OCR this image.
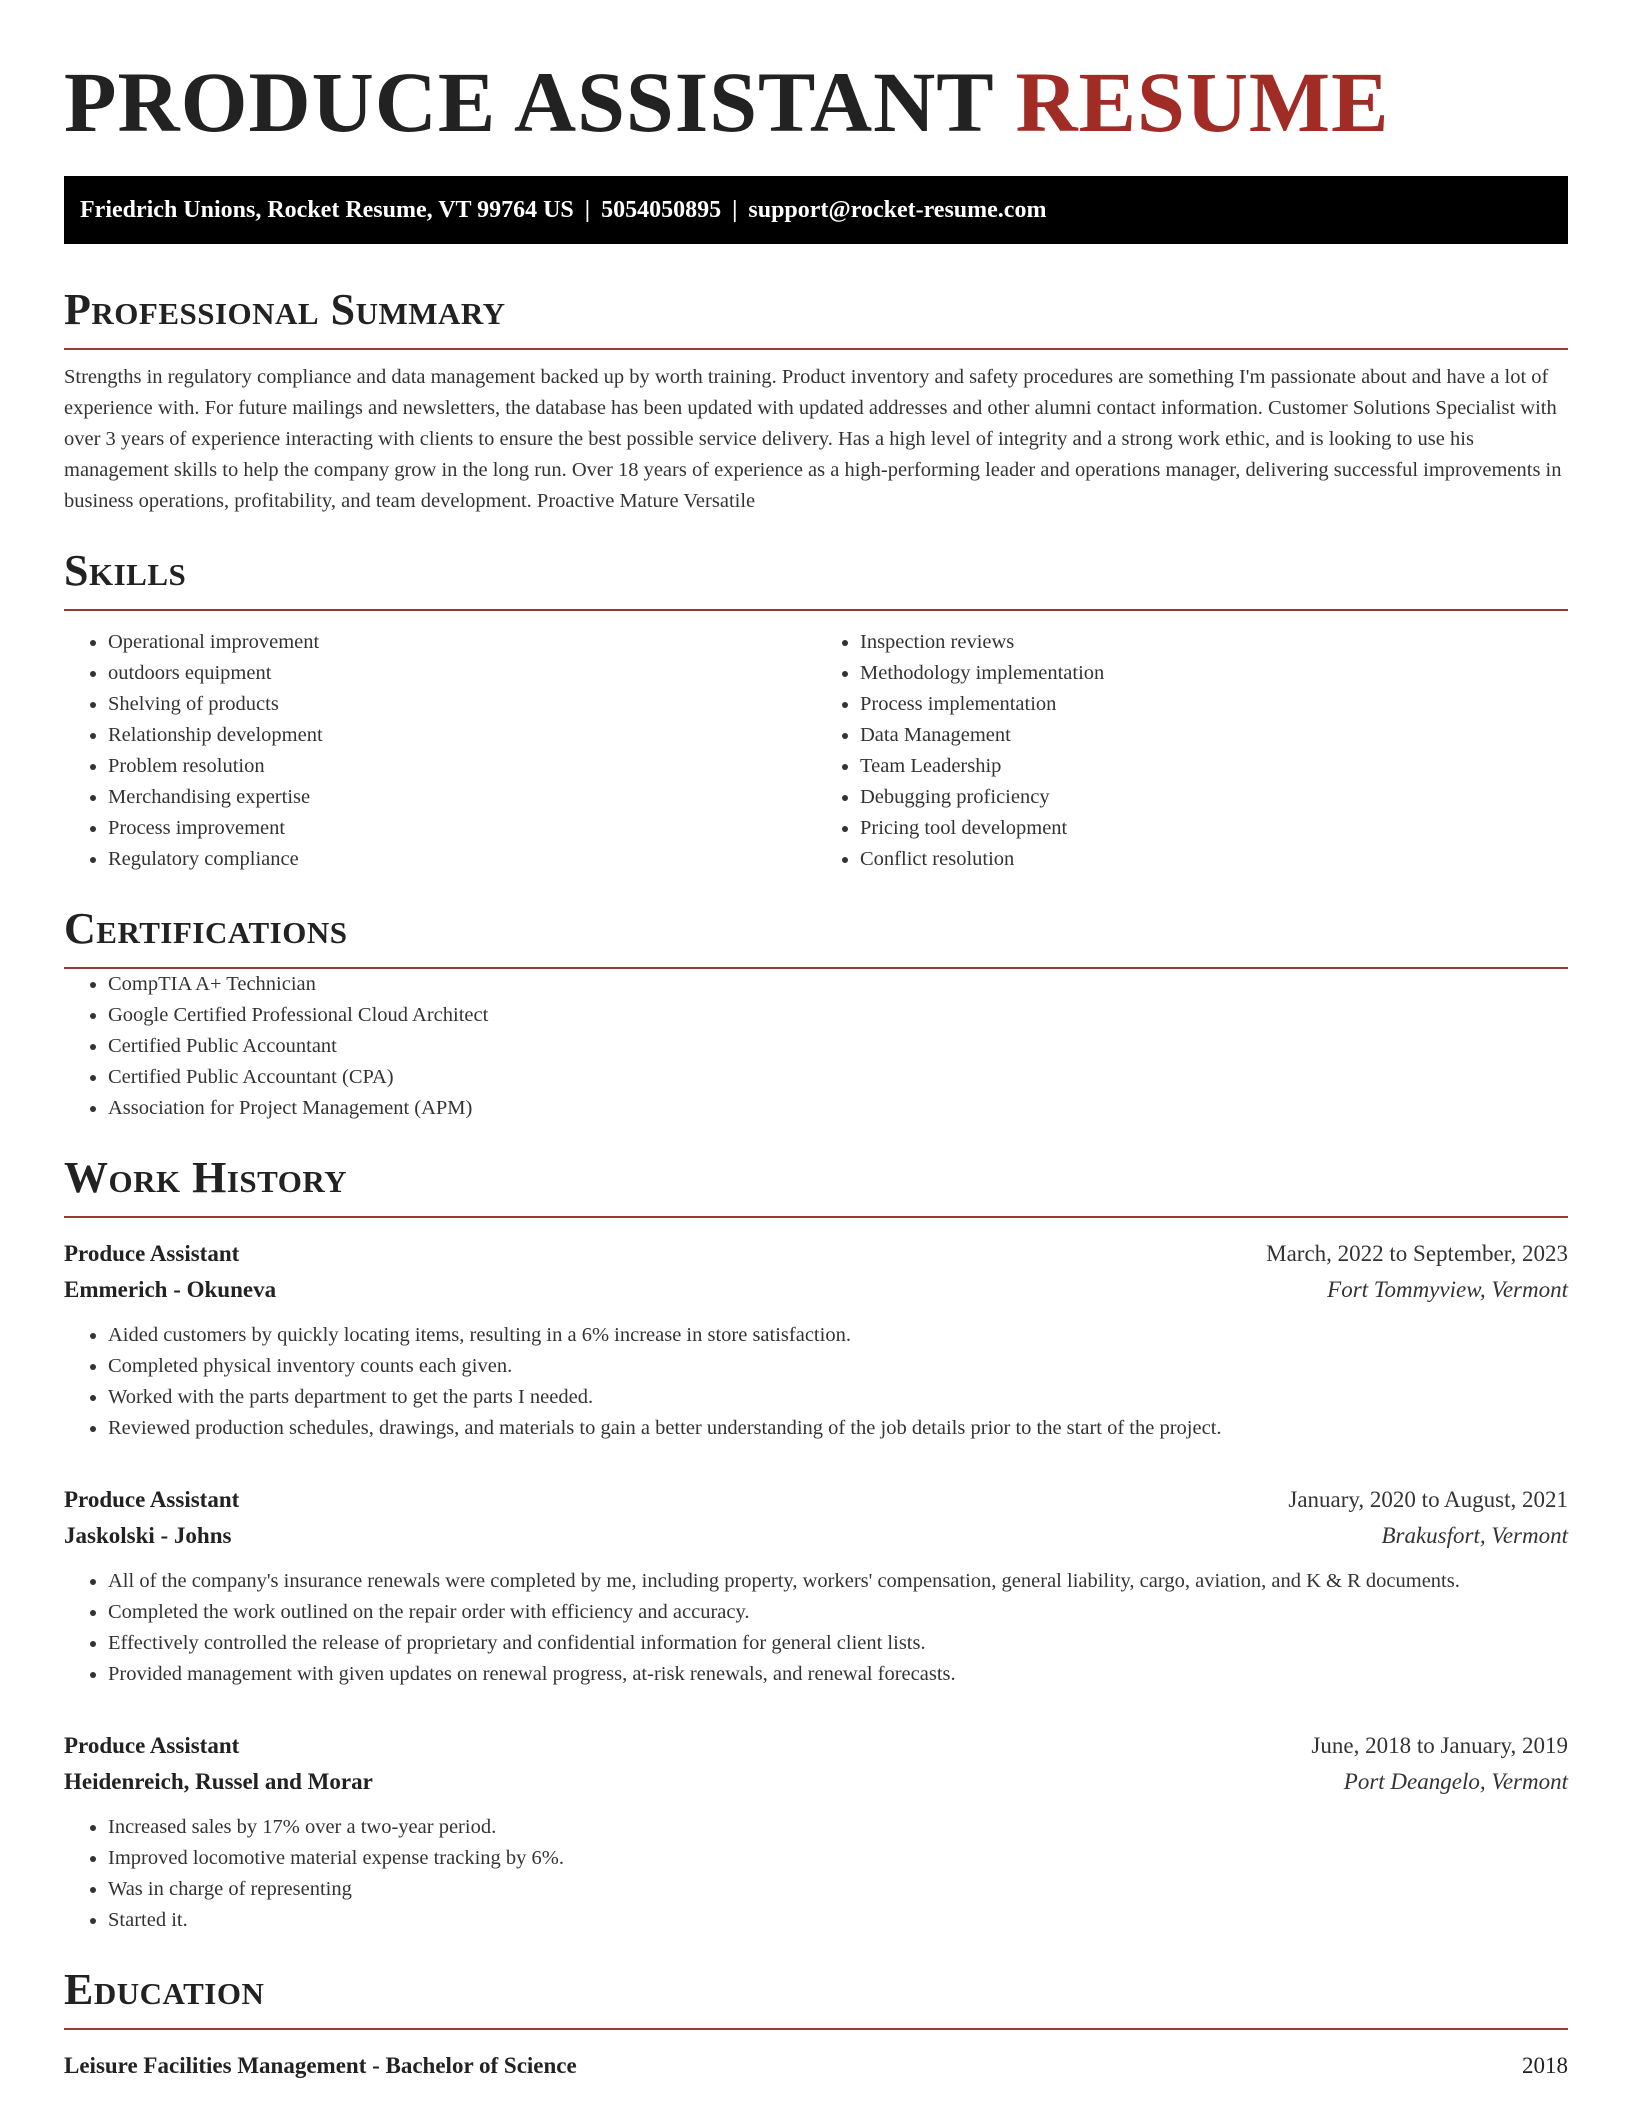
PRODUCE ASSISTANT RESUME
Friedrich Unions, Rocket Resume, VT 99764 US | 5054050895 | support@rocket-resume.com
Professional Summary

Strengths in regulatory compliance and data management backed up by worth training. Product inventory and safety procedures are something I'm passionate about and have a lot of experience with. For future mailings and newsletters, the database has been updated with updated addresses and other alumni contact information. Customer Solutions Specialist with over 3 years of experience interacting with clients to ensure the best possible service delivery. Has a high level of integrity and a strong work ethic, and is looking to use his management skills to help the company grow in the long run. Over 18 years of experience as a high-performing leader and operations manager, delivering successful improvements in business operations, profitability, and team development. Proactive Mature Versatile

Skills
• Operational improvement
• outdoors equipment
• Shelving of products
• Relationship development
• Problem resolution
• Merchandising expertise
• Process improvement
• Regulatory compliance
• Inspection reviews
• Methodology implementation
• Process implementation
• Data Management
• Team Leadership
• Debugging proficiency
• Pricing tool development
• Conflict resolution
Certifications
• CompTIA A+ Technician
• Google Certified Professional Cloud Architect
• Certified Public Accountant
• Certified Public Accountant (CPA)
• Association for Project Management (APM)
Work History
Produce Assistant	March, 2022 to September, 2023
Emmerich - Okuneva	Fort Tommyview, Vermont
• Aided customers by quickly locating items, resulting in a 6% increase in store satisfaction.
• Completed physical inventory counts each given.
• Worked with the parts department to get the parts I needed.
• Reviewed production schedules, drawings, and materials to gain a better understanding of the job details prior to the start of the project.
Produce Assistant	January, 2020 to August, 2021
Jaskolski - Johns	Brakusfort, Vermont
• All of the company's insurance renewals were completed by me, including property, workers' compensation, general liability, cargo, aviation, and K & R documents.
• Completed the work outlined on the repair order with efficiency and accuracy.
• Effectively controlled the release of proprietary and confidential information for general client lists.
• Provided management with given updates on renewal progress, at-risk renewals, and renewal forecasts.
Produce Assistant	June, 2018 to January, 2019
Heidenreich, Russel and Morar	Port Deangelo, Vermont
• Increased sales by 17% over a two-year period.
• Improved locomotive material expense tracking by 6%.
• Was in charge of representing
• Started it.
Education
Leisure Facilities Management - Bachelor of Science	2018
